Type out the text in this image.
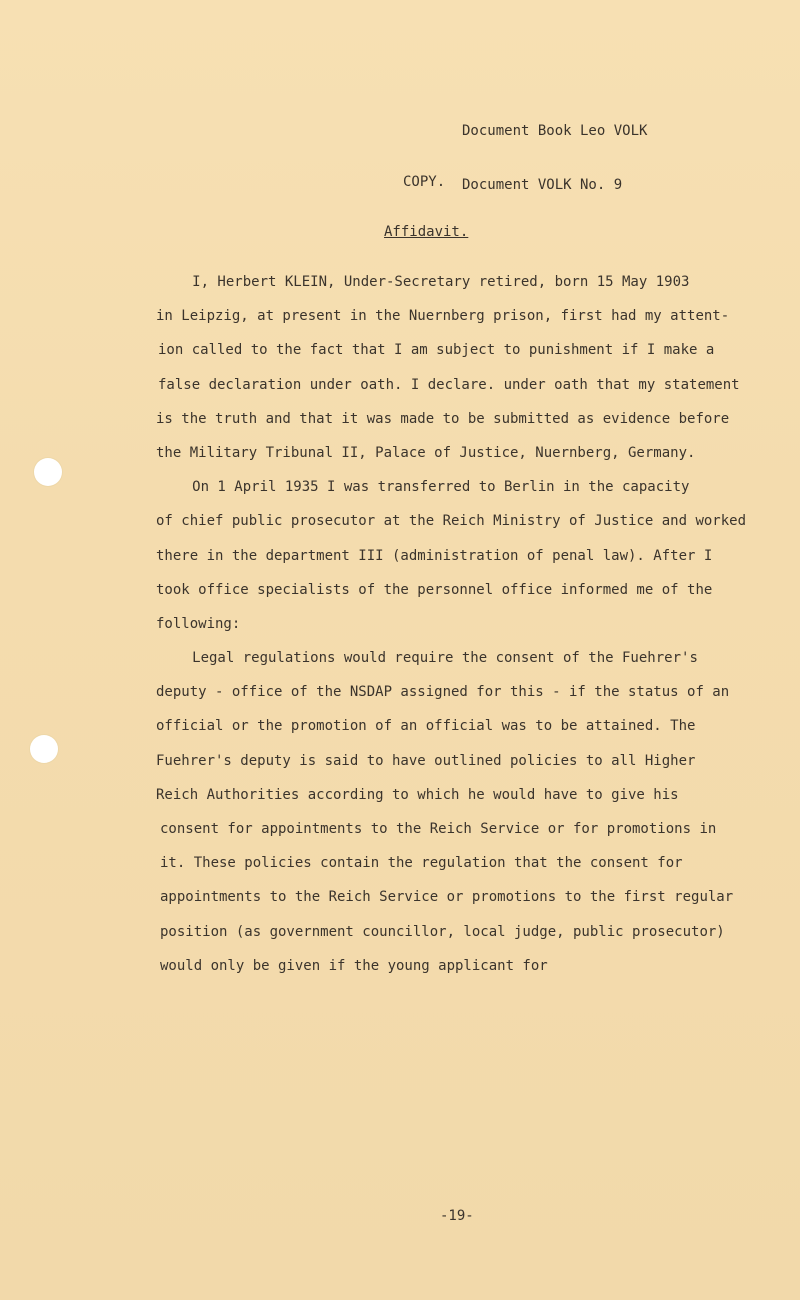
Document Book Leo VOLK

Document VOLK No. 9

COPY.
Affidavit.
I, Herbert KLEIN, Under-Secretary retired, born 15 May 1903
in Leipzig, at present in the Nuernberg prison, first had my attent-
ion called to the fact that I am subject to punishment if I make a
false declaration under oath. I declare. under oath that my statement
is the truth and that it was made to be submitted as evidence before
the Military Tribunal II, Palace of Justice, Nuernberg, Germany.
On 1 April 1935 I was transferred to Berlin in the capacity
of chief public prosecutor at the Reich Ministry of Justice and worked
there in the department III (administration of penal law). After I
took office specialists of the personnel office informed me of the
following:
Legal regulations would require the consent of the Fuehrer's
deputy - office of the NSDAP assigned for this - if the status of an
official or the promotion of an official was to be attained. The
Fuehrer's deputy is said to have outlined policies to all Higher
Reich Authorities according to which he would have to give his
consent for appointments to the Reich Service or for promotions in
it. These policies contain the regulation that the consent for
appointments to the Reich Service or promotions to the first regular
position (as government councillor, local judge, public prosecutor)
would only be given if the young applicant for
-19-
